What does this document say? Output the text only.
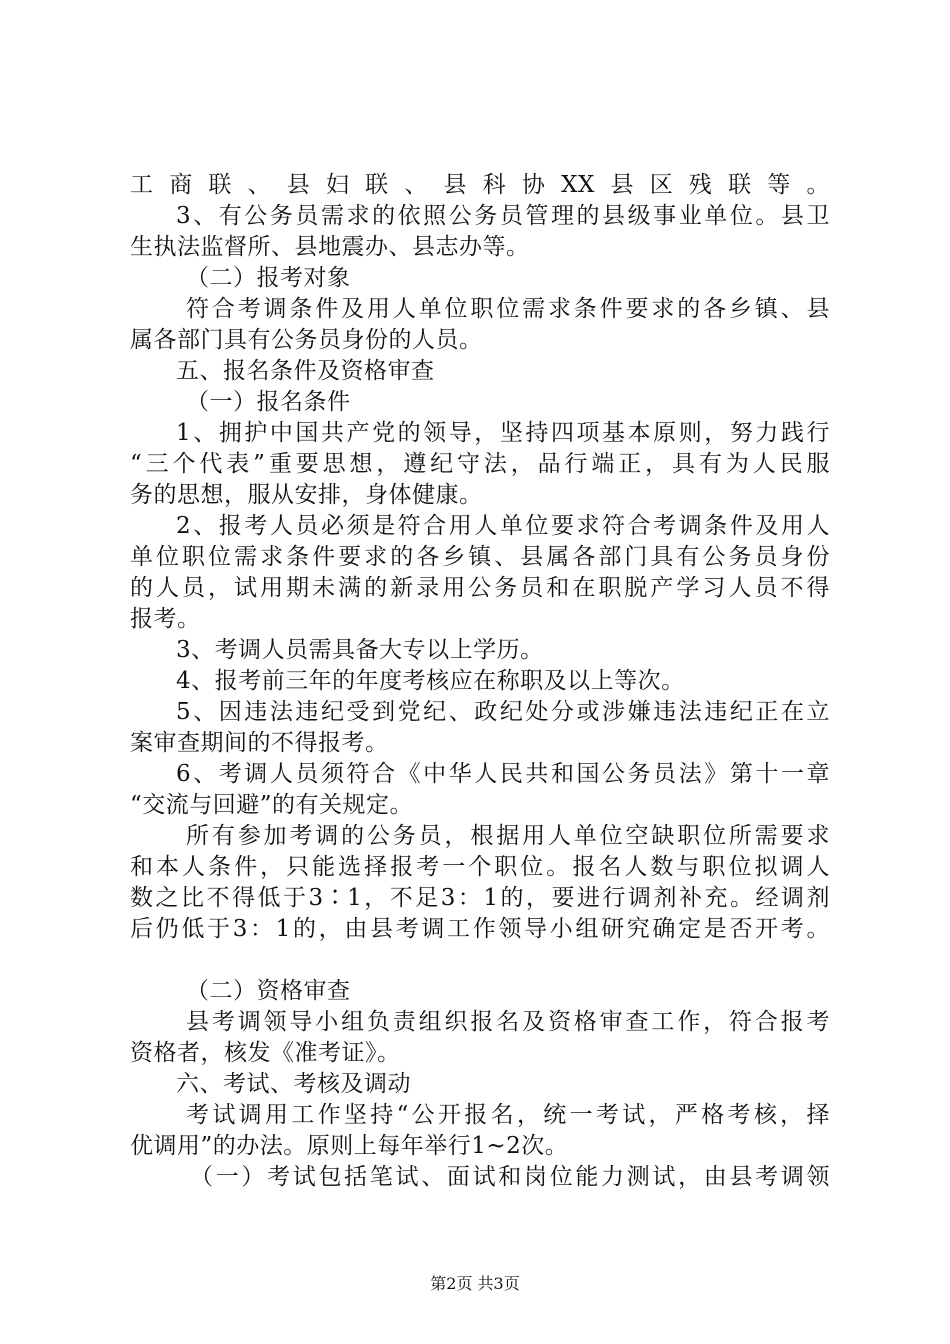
工商联、县妇联、县科协XX县区残联等。
3、有公务员需求的依照公务员管理的县级事业单位。县卫
生执法监督所、县地震办、县志办等。
（二）报考对象
符合考调条件及用人单位职位需求条件要求的各乡镇、县
属各部门具有公务员身份的人员。
五、报名条件及资格审查
（一）报名条件
1、拥护中国共产党的领导，坚持四项基本原则，努力践行
“三个代表”重要思想，遵纪守法，品行端正，具有为人民服
务的思想，服从安排，身体健康。
2、报考人员必须是符合用人单位要求符合考调条件及用人
单位职位需求条件要求的各乡镇、县属各部门具有公务员身份
的人员，试用期未满的新录用公务员和在职脱产学习人员不得
报考。
3、考调人员需具备大专以上学历。
4、报考前三年的年度考核应在称职及以上等次。
5、因违法违纪受到党纪、政纪处分或涉嫌违法违纪正在立
案审查期间的不得报考。
6、考调人员须符合《中华人民共和国公务员法》第十一章
“交流与回避”的有关规定。
所有参加考调的公务员，根据用人单位空缺职位所需要求
和本人条件，只能选择报考一个职位。报名人数与职位拟调人
数之比不得低于3∶1，不足3：1的，要进行调剂补充。经调剂
后仍低于3：1的，由县考调工作领导小组研究确定是否开考。
（二）资格审查
县考调领导小组负责组织报名及资格审查工作，符合报考
资格者，核发《准考证》。
六、考试、考核及调动
考试调用工作坚持“公开报名，统一考试，严格考核，择
优调用”的办法。原则上每年举行1~2次。
（一）考试包括笔试、面试和岗位能力测试，由县考调领
第2页 共3页
